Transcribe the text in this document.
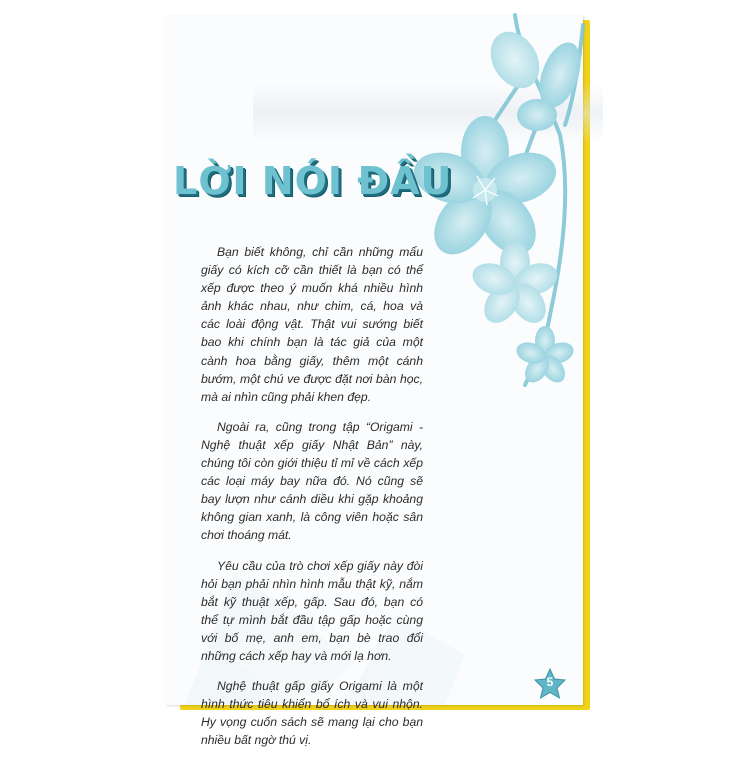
LỜI NÓI ĐẦU

Bạn biết không, chỉ cần những mẩu giấy có kích cỡ cần thiết là bạn có thể xếp được theo ý muốn khá nhiều hình ảnh khác nhau, như chim, cá, hoa và các loài động vật. Thật vui sướng biết bao khi chính bạn là tác giả của một cành hoa bằng giấy, thêm một cánh bướm, một chú ve được đặt nơi bàn học, mà ai nhìn cũng phải khen đẹp.

Ngoài ra, cũng trong tập “Origami - Nghệ thuật xếp giấy Nhật Bản” này, chúng tôi còn giới thiệu tỉ mỉ về cách xếp các loại máy bay nữa đó. Nó cũng sẽ bay lượn như cánh diều khi gặp khoảng không gian xanh, là công viên hoặc sân chơi thoáng mát.

Yêu cầu của trò chơi xếp giấy này đòi hỏi bạn phải nhìn hình mẫu thật kỹ, nắm bắt kỹ thuật xếp, gấp. Sau đó, bạn có thể tự mình bắt đầu tập gấp hoặc cùng với bố mẹ, anh em, bạn bè trao đổi những cách xếp hay và mới lạ hơn.

Nghệ thuật gấp giấy Origami là một hình thức tiêu khiển bổ ích và vui nhộn. Hy vọng cuốn sách sẽ mang lại cho bạn nhiều bất ngờ thú vị.

5
